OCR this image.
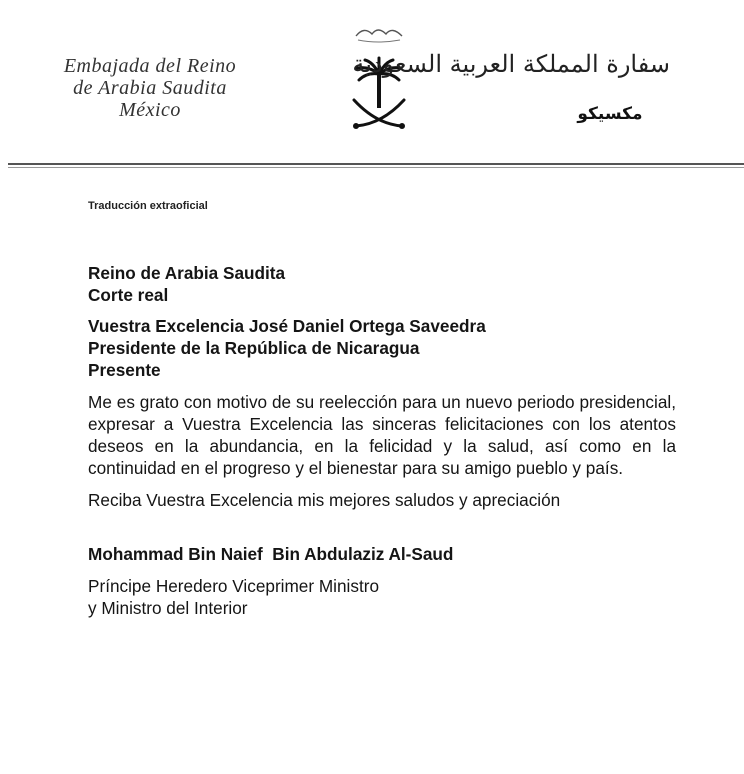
Embajada del Reino
de Arabia Saudita
México
سفارة المملكة العربية السعودية
مكسيكو
Traducción extraoficial

Reino de Arabia Saudita

Corte real

Vuestra Excelencia José Daniel Ortega Saveedra

Presidente de la República de Nicaragua

Presente

Me es grato con motivo de su reelección para un nuevo periodo presidencial, expresar a Vuestra Excelencia las sinceras felicitaciones con los atentos deseos en la abundancia, en la felicidad y la salud, así como en la continuidad en el progreso y el bienestar para su amigo pueblo y país.

Reciba Vuestra Excelencia mis mejores saludos y apreciación

Mohammad Bin Naief  Bin Abdulaziz Al-Saud

Príncipe Heredero Viceprimer Ministro

y Ministro del Interior
